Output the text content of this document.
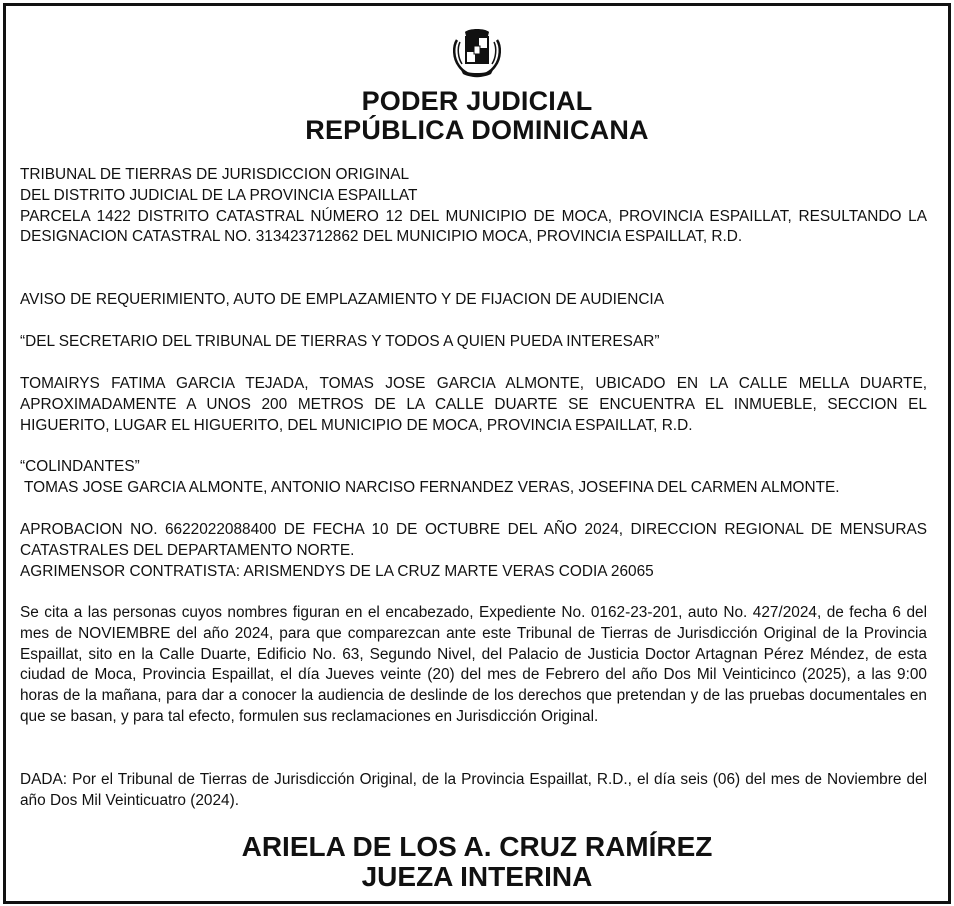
PODER JUDICIAL
REPÚBLICA DOMINICANA
TRIBUNAL DE TIERRAS DE JURISDICCION ORIGINAL
DEL DISTRITO JUDICIAL DE LA PROVINCIA ESPAILLAT

PARCELA 1422 DISTRITO CATASTRAL NÚMERO 12 DEL MUNICIPIO DE MOCA, PROVINCIA ESPAILLAT, RESULTANDO LA DESIGNACION CATASTRAL NO. 313423712862 DEL MUNICIPIO MOCA, PROVINCIA ESPAILLAT, R.D.

AVISO DE REQUERIMIENTO, AUTO DE EMPLAZAMIENTO Y DE FIJACION DE AUDIENCIA
“DEL SECRETARIO DEL TRIBUNAL DE TIERRAS Y TODOS A QUIEN PUEDA INTERESAR”
TOMAIRYS FATIMA GARCIA TEJADA, TOMAS JOSE GARCIA ALMONTE, UBICADO EN LA CALLE MELLA DUARTE, APROXIMADAMENTE A UNOS 200 METROS DE LA CALLE DUARTE SE ENCUENTRA EL INMUEBLE, SECCION EL HIGUERITO, LUGAR EL HIGUERITO, DEL MUNICIPIO DE MOCA, PROVINCIA ESPAILLAT, R.D.
“COLINDANTES”
TOMAS JOSE GARCIA ALMONTE, ANTONIO NARCISO FERNANDEZ VERAS, JOSEFINA DEL CARMEN ALMONTE.

APROBACION NO. 6622022088400 DE FECHA 10 DE OCTUBRE DEL AÑO 2024, DIRECCION REGIONAL DE MENSURAS CATASTRALES DEL DEPARTAMENTO NORTE.

AGRIMENSOR CONTRATISTA: ARISMENDYS DE LA CRUZ MARTE VERAS CODIA 26065
Se cita a las personas cuyos nombres figuran en el encabezado, Expediente No. 0162-23-201, auto No. 427/2024, de fecha 6 del mes de NOVIEMBRE del año 2024, para que comparezcan ante este Tribunal de Tierras de Jurisdicción Original de la Provincia Espaillat, sito en la Calle Duarte, Edificio No. 63, Segundo Nivel, del Palacio de Justicia Doctor Artagnan Pérez Méndez, de esta ciudad de Moca, Provincia Espaillat, el día Jueves veinte (20) del mes de Febrero del año Dos Mil Veinticinco (2025), a las 9:00 horas de la mañana, para dar a conocer la audiencia de deslinde de los derechos que pretendan y de las pruebas documentales en que se basan, y para tal efecto, formulen sus reclamaciones en Jurisdicción Original.
DADA: Por el Tribunal de Tierras de Jurisdicción Original, de la Provincia Espaillat, R.D., el día seis (06) del mes de Noviembre del año Dos Mil Veinticuatro (2024).
ARIELA DE LOS A. CRUZ RAMÍREZ
JUEZA INTERINA
